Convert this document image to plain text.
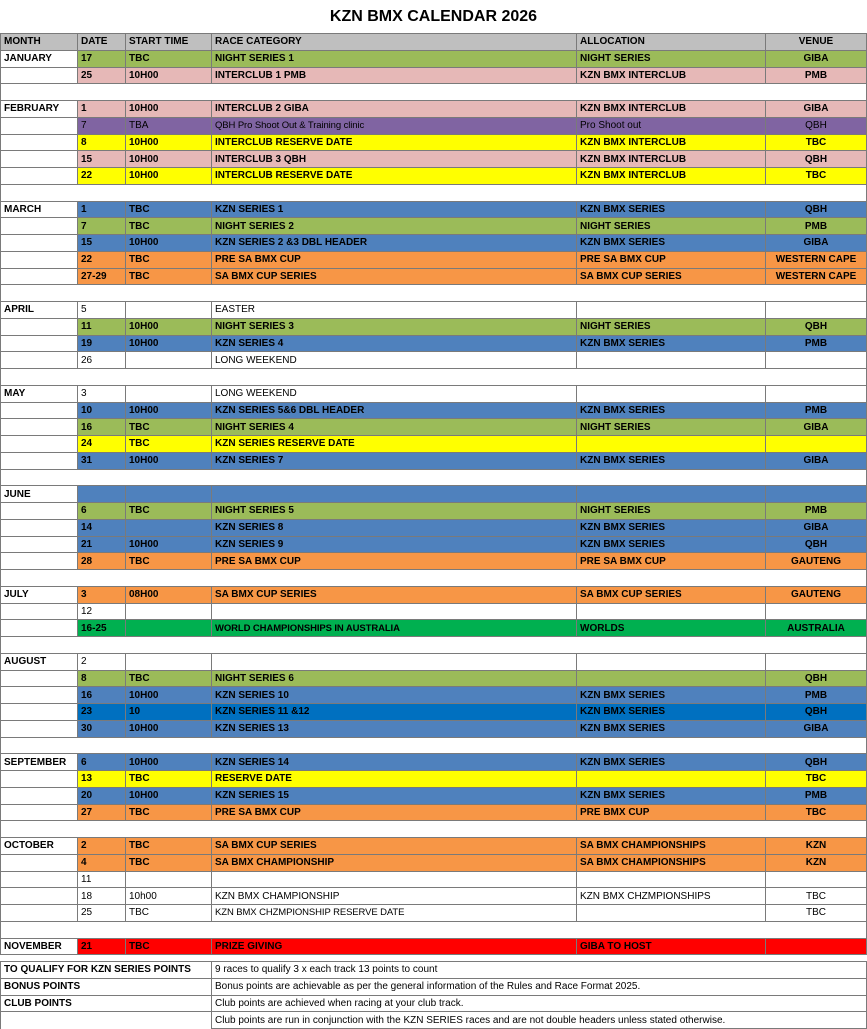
KZN BMX CALENDAR 2026
MONTH	DATE	START TIME	RACE CATEGORY	ALLOCATION	VENUE
JANUARY	17	TBC	NIGHT SERIES 1	NIGHT SERIES	GIBA
	25	10H00	INTERCLUB 1 PMB	KZN BMX INTERCLUB	PMB

FEBRUARY	1	10H00	INTERCLUB 2 GIBA	KZN BMX INTERCLUB	GIBA
	7	TBA	QBH Pro Shoot Out & Training clinic	Pro Shoot out	QBH
	8	10H00	INTERCLUB RESERVE DATE	KZN BMX INTERCLUB	TBC
	15	10H00	INTERCLUB 3 QBH	KZN BMX INTERCLUB	QBH
	22	10H00	INTERCLUB RESERVE DATE	KZN BMX INTERCLUB	TBC

MARCH	1	TBC	KZN SERIES 1	KZN BMX SERIES	QBH
	7	TBC	NIGHT SERIES 2	NIGHT SERIES	PMB
	15	10H00	KZN SERIES 2 &3 DBL HEADER	KZN BMX SERIES	GIBA
	22	TBC	PRE SA BMX CUP	PRE SA BMX CUP	WESTERN CAPE
	27-29	TBC	SA BMX CUP SERIES	SA BMX CUP SERIES	WESTERN CAPE

APRIL	5		EASTER		
	11	10H00	NIGHT SERIES 3	NIGHT SERIES	QBH
	19	10H00	KZN SERIES 4	KZN BMX SERIES	PMB
	26		LONG WEEKEND		

MAY	3		LONG WEEKEND		
	10	10H00	KZN SERIES 5&6 DBL HEADER	KZN BMX SERIES	PMB
	16	TBC	NIGHT SERIES 4	NIGHT SERIES	GIBA
	24	TBC	KZN SERIES RESERVE DATE		
	31	10H00	KZN SERIES 7	KZN BMX SERIES	GIBA

JUNE					
	6	TBC	NIGHT SERIES 5	NIGHT SERIES	PMB
	14		KZN SERIES 8	KZN BMX SERIES	GIBA
	21	10H00	KZN SERIES 9	KZN BMX SERIES	QBH
	28	TBC	PRE SA BMX CUP	PRE SA BMX CUP	GAUTENG

JULY	3	08H00	SA BMX CUP SERIES	SA BMX CUP SERIES	GAUTENG
	12				
	16-25		WORLD CHAMPIONSHIPS IN AUSTRALIA	WORLDS	AUSTRALIA

AUGUST	2				
	8	TBC	NIGHT SERIES 6		QBH
	16	10H00	KZN SERIES 10	KZN BMX SERIES	PMB
	23	10	KZN SERIES 11 &12	KZN BMX SERIES	QBH
	30	10H00	KZN SERIES 13	KZN BMX SERIES	GIBA

SEPTEMBER	6	10H00	KZN SERIES 14	KZN BMX SERIES	QBH
	13	TBC	RESERVE DATE		TBC
	20	10H00	KZN SERIES 15	KZN BMX SERIES	PMB
	27	TBC	PRE SA BMX CUP	PRE BMX CUP	TBC

OCTOBER	2	TBC	SA BMX CUP SERIES	SA BMX CHAMPIONSHIPS	KZN
	4	TBC	SA BMX CHAMPIONSHIP	SA BMX CHAMPIONSHIPS	KZN
	11				
	18	10h00	KZN BMX CHAMPIONSHIP	KZN BMX CHZMPIONSHIPS	TBC
	25	TBC	KZN BMX CHZMPIONSHIP RESERVE DATE		TBC

NOVEMBER	21	TBC	PRIZE GIVING	GIBA TO HOST	
TO QUALIFY FOR KZN SERIES POINTS	9 races to qualify 3 x each track 13 points to count
BONUS POINTS	Bonus points are achievable as per the general information of the Rules and Race Format 2025.
CLUB POINTS	Club points are achieved when racing at your club track.
	Club points are run in conjunction with the KZN SERIES races and are not double headers unless stated otherwise.
